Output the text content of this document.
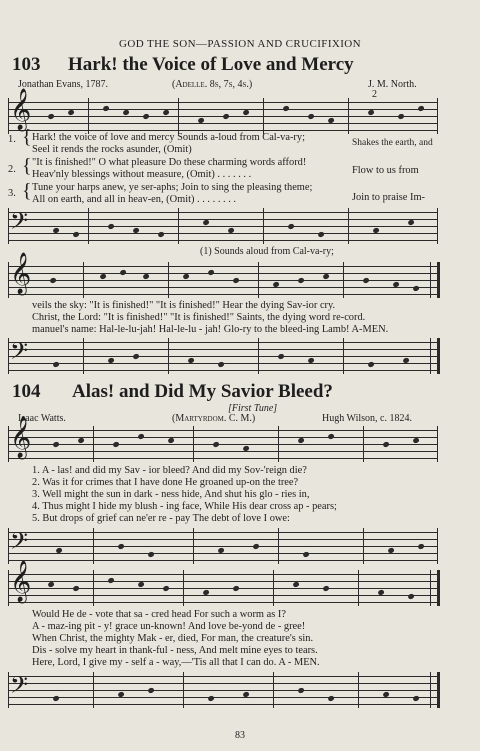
GOD THE SON—PASSION AND CRUCIFIXION
103 Hark! the Voice of Love and Mercy
Jonathan Evans, 1787.	(Adelle. 8s, 7s, 4s.)	J. M. North.
2
𝄞
1. { Hark! the voice of love and mercy Sounds a-loud from Cal-va-ry;
Seel it rends the rocks asunder, (Omit)
Shakes the earth, and
2. { "It is finished!" O what pleasure Do these charming words afford!
Heav'nly blessings without measure, (Omit) . . . . . . .	Flow to us from
3. { Tune your harps anew, ye ser-aphs; Join to sing the pleasing theme;
All on earth, and all in heav-en, (Omit) . . . . . . . .	Join to praise Im-
𝄢
(1) Sounds aloud from Cal-va-ry;
𝄞
veils the sky: "It is finished!" "It is finished!" Hear the dying Sav-ior cry.
Christ, the Lord: "It is finished!" "It is finished!" Saints, the dying word re-cord.
manuel's name: Hal-le-lu-jah! Hal-le-lu - jah! Glo-ry to the bleed-ing Lamb! A-MEN.
𝄢
104 Alas! and Did My Savior Bleed?
[First Tune]
Isaac Watts.	(Martyrdom. C. M.)	Hugh Wilson, c. 1824.
𝄞
1. A - las! and did my Sav - ior bleed? And did my Sov-'reign die?
2. Was it for crimes that I have done He groaned up-on the tree?
3. Well might the sun in dark - ness hide, And shut his glo - ries in,
4. Thus might I hide my blush - ing face, While His dear cross ap - pears;
5. But drops of grief can ne'er re - pay The debt of love I owe:
𝄢
𝄞
Would He de - vote that sa - cred head For such a worm as I?
A - maz-ing pit - y! grace un-known! And love be-yond de - gree!
When Christ, the mighty Mak - er, died, For man, the creature's sin.
Dis - solve my heart in thank-ful - ness, And melt mine eyes to tears.
Here, Lord, I give my - self a - way,—'Tis all that I can do. A - MEN.
𝄢
83
